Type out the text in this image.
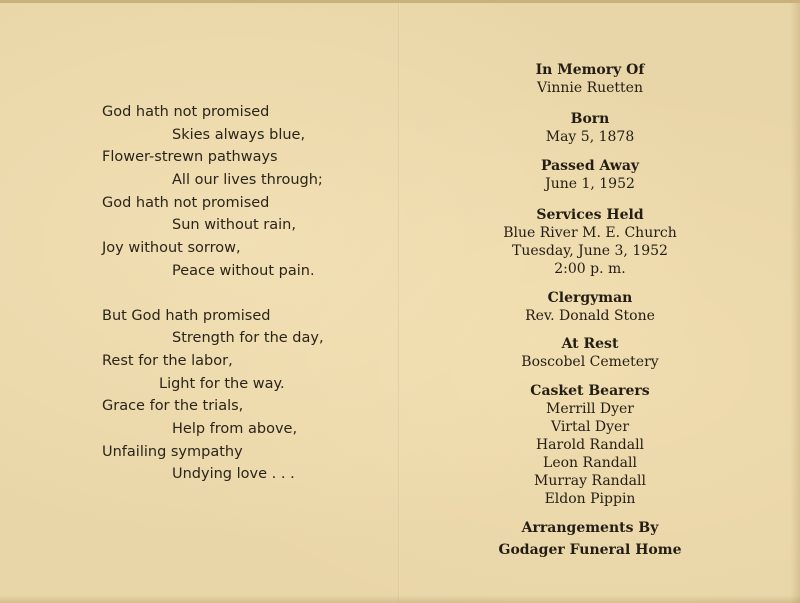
God hath not promised
Skies always blue,
Flower-strewn pathways
All our lives through;
God hath not promised
Sun without rain,
Joy without sorrow,
Peace without pain.
But God hath promised
Strength for the day,
Rest for the labor,
Light for the way.
Grace for the trials,
Help from above,
Unfailing sympathy
Undying love . . .
In Memory Of
Vinnie Ruetten
Born
May 5, 1878
Passed Away
June 1, 1952
Services Held
Blue River M. E. Church
Tuesday, June 3, 1952
2:00 p. m.
Clergyman
Rev. Donald Stone
At Rest
Boscobel Cemetery
Casket Bearers
Merrill Dyer
Virtal Dyer
Harold Randall
Leon Randall
Murray Randall
Eldon Pippin
Arrangements By
Godager Funeral Home
